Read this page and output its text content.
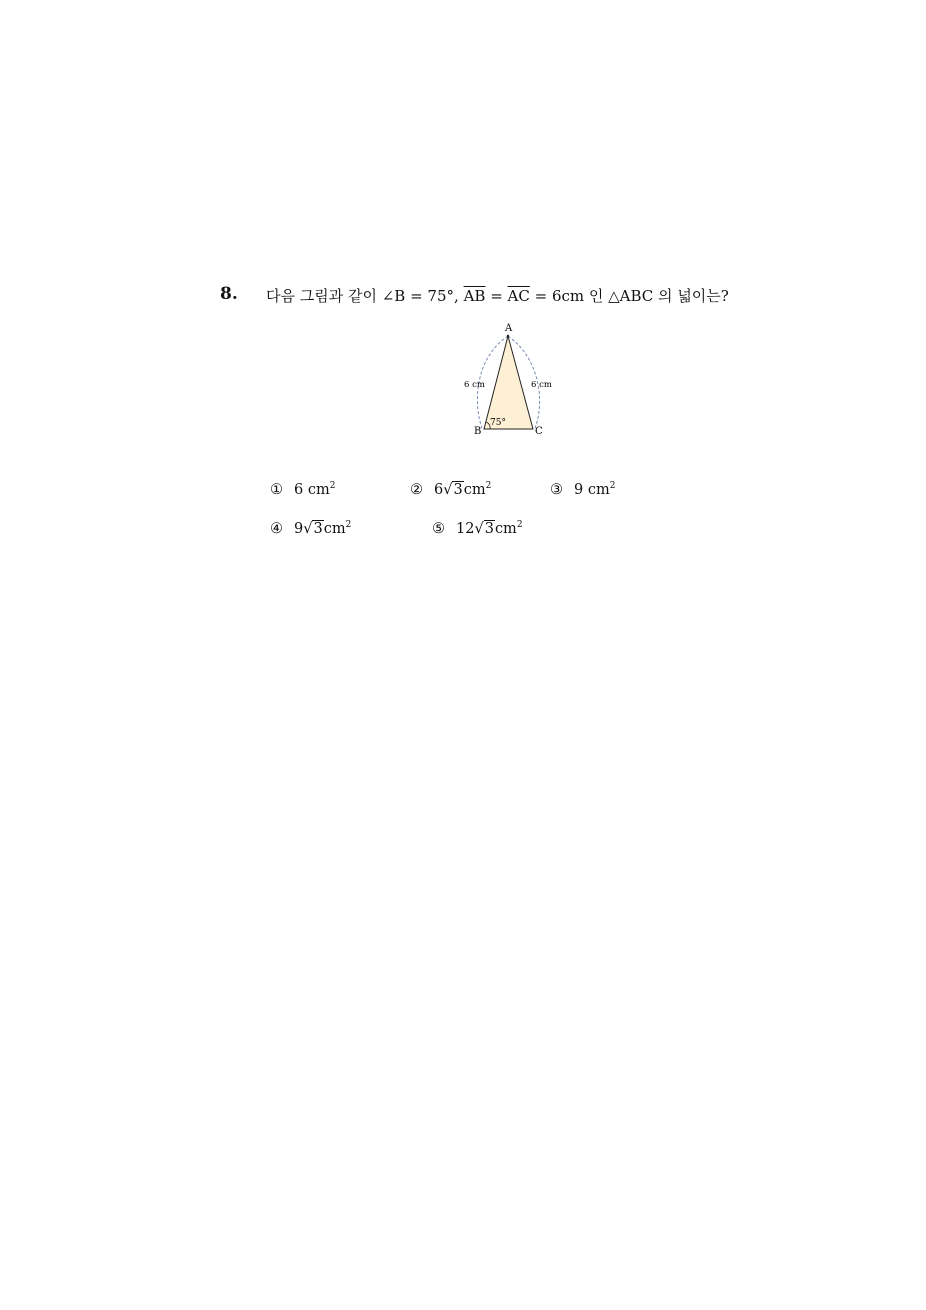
8. 다음 그림과 같이 ∠B = 75°, $\overline{AB} = \overline{AC} = 6cm$ 인 △ABC 의 넓이는?
A
B	C
6 cm	6 cm
75°
① 6 $cm^2$	② $6√3cm^2$	③ 9 $cm^2$
④ $9√3cm^2$	⑤ $12√3cm^2$
